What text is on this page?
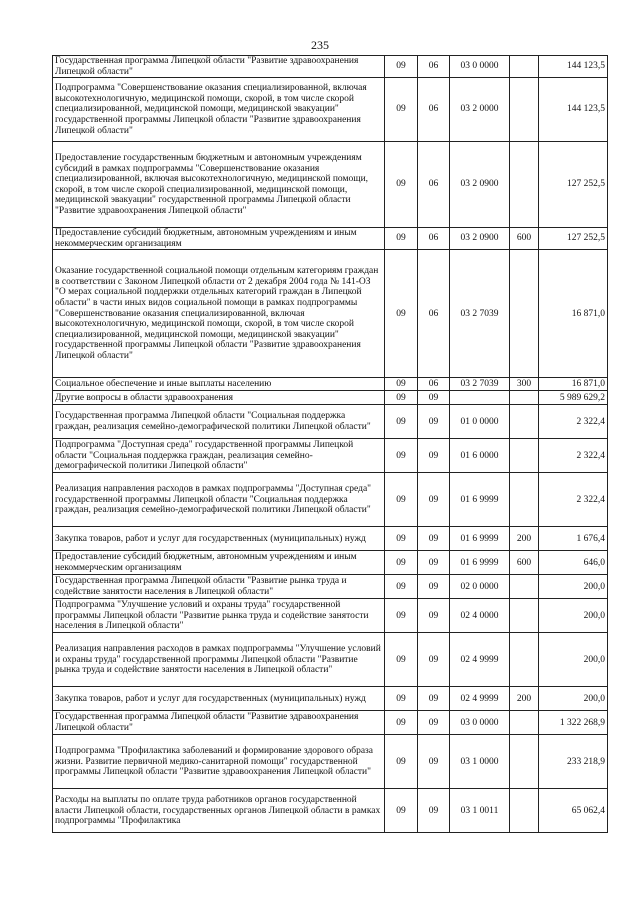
235
Государственная программа Липецкой области "Развитие здравоохранения Липецкой области"	09	06	03 0 0000		144 123,5
Подпрограмма "Совершенствование оказания специализированной, включая высокотехнологичную, медицинской помощи, скорой, в том числе скорой специализированной, медицинской помощи, медицинской эвакуации" государственной программы Липецкой области "Развитие здравоохранения Липецкой области"	09	06	03 2 0000		144 123,5
Предоставление государственным бюджетным и автономным учреждениям субсидий в рамках подпрограммы "Совершенствование оказания специализированной, включая высокотехнологичную, медицинской помощи, скорой, в том числе скорой специализированной, медицинской помощи, медицинской эвакуации" государственной программы Липецкой области "Развитие здравоохранения Липецкой области"	09	06	03 2 0900		127 252,5
Предоставление субсидий бюджетным, автономным учреждениям и иным некоммерческим организациям	09	06	03 2 0900	600	127 252,5
Оказание государственной социальной помощи отдельным категориям граждан в соответствии с Законом Липецкой области от 2 декабря 2004 года № 141-ОЗ "О мерах социальной поддержки отдельных категорий граждан в Липецкой области" в части иных видов социальной помощи в рамках подпрограммы "Совершенствование оказания специализированной, включая высокотехнологичную, медицинской помощи, скорой, в том числе скорой специализированной, медицинской помощи, медицинской эвакуации" государственной программы Липецкой области "Развитие здравоохранения Липецкой области"	09	06	03 2 7039		16 871,0
Социальное обеспечение и иные выплаты населению	09	06	03 2 7039	300	16 871,0
Другие вопросы в области здравоохранения	09	09			5 989 629,2
Государственная программа Липецкой области "Социальная поддержка граждан, реализация семейно-демографической политики Липецкой области"	09	09	01 0 0000		2 322,4
Подпрограмма "Доступная среда" государственной программы Липецкой области "Социальная поддержка граждан, реализация семейно-демографической политики Липецкой области"	09	09	01 6 0000		2 322,4
Реализация направления расходов в рамках подпрограммы "Доступная среда" государственной программы Липецкой области "Социальная поддержка граждан, реализация семейно-демографической политики Липецкой области"	09	09	01 6 9999		2 322,4
Закупка товаров, работ и услуг для государственных (муниципальных) нужд	09	09	01 6 9999	200	1 676,4
Предоставление субсидий бюджетным, автономным учреждениям и иным некоммерческим организациям	09	09	01 6 9999	600	646,0
Государственная программа Липецкой области "Развитие рынка труда и содействие занятости населения в Липецкой области"	09	09	02 0 0000		200,0
Подпрограмма "Улучшение условий и охраны труда" государственной программы Липецкой области "Развитие рынка труда и содействие занятости населения в Липецкой области"	09	09	02 4 0000		200,0
Реализация направления расходов в рамках подпрограммы "Улучшение условий и охраны труда" государственной программы Липецкой области "Развитие рынка труда и содействие занятости населения в Липецкой области"	09	09	02 4 9999		200,0
Закупка товаров, работ и услуг для государственных (муниципальных) нужд	09	09	02 4 9999	200	200,0
Государственная программа Липецкой области "Развитие здравоохранения Липецкой области"	09	09	03 0 0000		1 322 268,9
Подпрограмма "Профилактика заболеваний и формирование здорового образа жизни. Развитие первичной медико-санитарной помощи" государственной программы Липецкой области "Развитие здравоохранения Липецкой области"	09	09	03 1 0000		233 218,9
Расходы на выплаты по оплате труда работников органов государственной власти Липецкой области, государственных органов Липецкой области в рамках подпрограммы "Профилактика	09	09	03 1 0011		65 062,4
